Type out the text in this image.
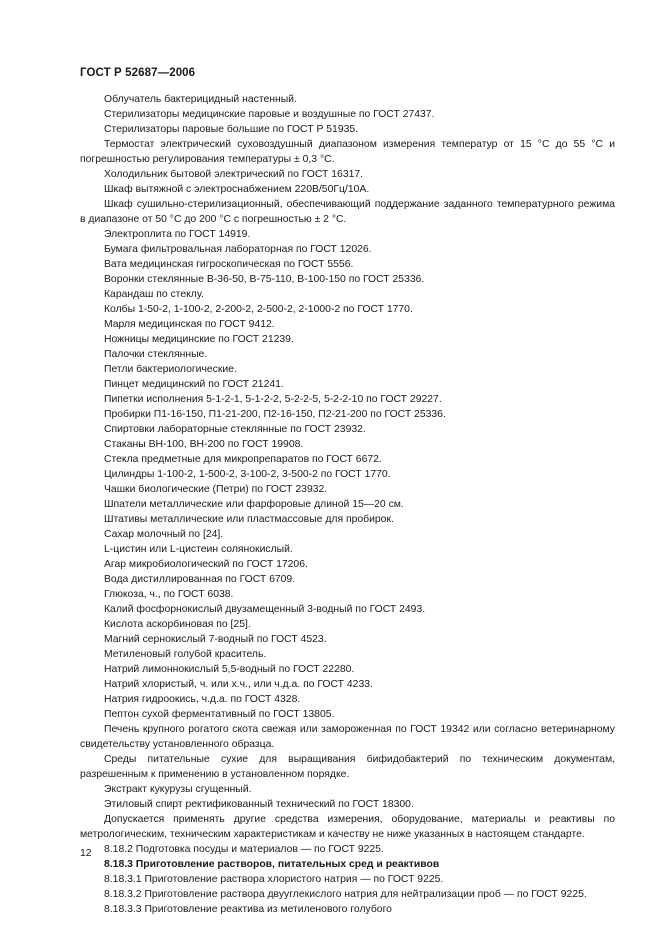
ГОСТ Р 52687—2006

Облучатель бактерицидный настенный.

Стерилизаторы медицинские паровые и воздушные по ГОСТ 27437.

Стерилизаторы паровые большие по ГОСТ Р 51935.

Термостат электрический суховоздушный диапазоном измерения температур от 15 °С до 55 °С и погрешностью регулирования температуры ± 0,3 °С.

Холодильник бытовой электрический по ГОСТ 16317.

Шкаф вытяжной с электроснабжением 220В/50Гц/10А.

Шкаф сушильно-стерилизационный, обеспечивающий поддержание заданного температурного режима в диапазоне от 50 °С до 200 °С с погрешностью ± 2 °С.

Электроплита по ГОСТ 14919.

Бумага фильтровальная лабораторная по ГОСТ 12026.

Вата медицинская гигроскопическая по ГОСТ 5556.

Воронки стеклянные В-36-50, В-75-110, В-100-150 по ГОСТ 25336.

Карандаш по стеклу.

Колбы 1-50-2, 1-100-2, 2-200-2, 2-500-2, 2-1000-2 по ГОСТ 1770.

Марля медицинская по ГОСТ 9412.

Ножницы медицинские по ГОСТ 21239.

Палочки стеклянные.

Петли бактериологические.

Пинцет медицинский по ГОСТ 21241.

Пипетки исполнения 5-1-2-1, 5-1-2-2, 5-2-2-5, 5-2-2-10 по ГОСТ 29227.

Пробирки П1-16-150, П1-21-200, П2-16-150, П2-21-200 по ГОСТ 25336.

Спиртовки лабораторные стеклянные по ГОСТ 23932.

Стаканы ВН-100, ВН-200 по ГОСТ 19908.

Стекла предметные для микропрепаратов по ГОСТ 6672.

Цилиндры 1-100-2, 1-500-2, 3-100-2, 3-500-2 по ГОСТ 1770.

Чашки биологические (Петри) по ГОСТ 23932.

Шпатели металлические или фарфоровые длиной 15—20 см.

Штативы металлические или пластмассовые для пробирок.

Сахар молочный по [24].

L-цистин или L-цистеин солянокислый.

Агар микробиологический по ГОСТ 17206.

Вода дистиллированная по ГОСТ 6709.

Глюкоза, ч., по ГОСТ 6038.

Калий фосфорнокислый двузамещенный 3-водный по ГОСТ 2493.

Кислота аскорбиновая по [25].

Магний сернокислый 7-водный по ГОСТ 4523.

Метиленовый голубой краситель.

Натрий лимоннокислый 5,5-водный по ГОСТ 22280.

Натрий хлористый, ч. или х.ч., или ч.д.а. по ГОСТ 4233.

Натрия гидроокись, ч.д.а. по ГОСТ 4328.

Пептон сухой ферментативный по ГОСТ 13805.

Печень крупного рогатого скота свежая или замороженная по ГОСТ 19342 или согласно ветеринарному свидетельству установленного образца.

Среды питательные сухие для выращивания бифидобактерий по техническим документам, разрешенным к применению в установленном порядке.

Экстракт кукурузы сгущенный.

Этиловый спирт ректификованный технический по ГОСТ 18300.

Допускается применять другие средства измерения, оборудование, материалы и реактивы по метрологическим, техническим характеристикам и качеству не ниже указанных в настоящем стандарте.

8.18.2 Подготовка посуды и материалов — по ГОСТ 9225.

8.18.3 Приготовление растворов, питательных сред и реактивов

8.18.3.1 Приготовление раствора хлористого натрия — по ГОСТ 9225.

8.18.3.2 Приготовление раствора двууглекислого натрия для нейтрализации проб — по ГОСТ 9225.

8.18.3.3 Приготовление реактива из метиленового голубого

12
